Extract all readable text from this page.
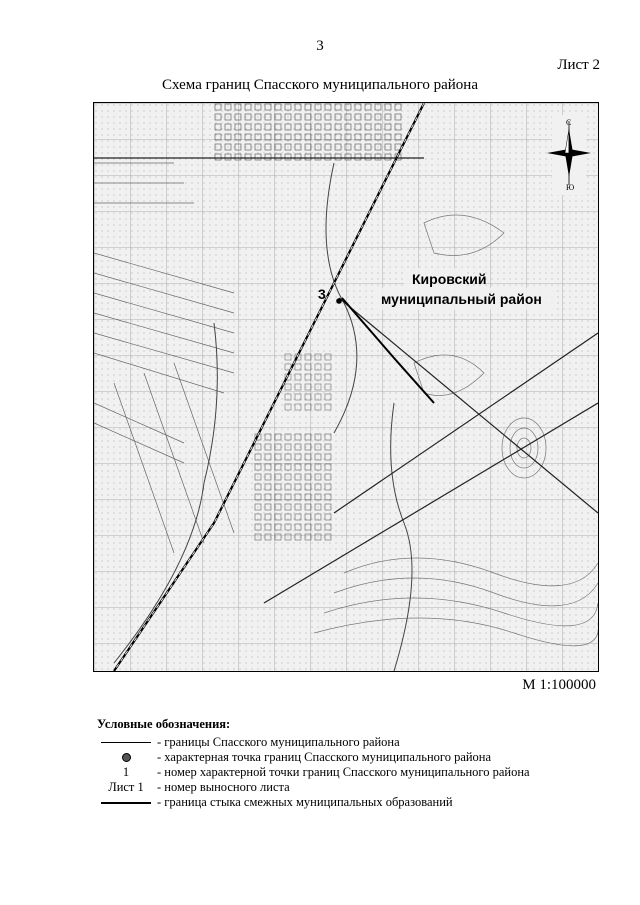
3
Лист 2
Схема границ Спасского муниципального района
3
Кировский
муниципальный район
С
Ю
М 1:100000
Условные обозначения:
- границы Спасского муниципального района
- характерная точка границ Спасского муниципального района
1	- номер характерной точки границ Спасского муниципального района
Лист 1	- номер выносного листа
- граница стыка смежных муниципальных образований
